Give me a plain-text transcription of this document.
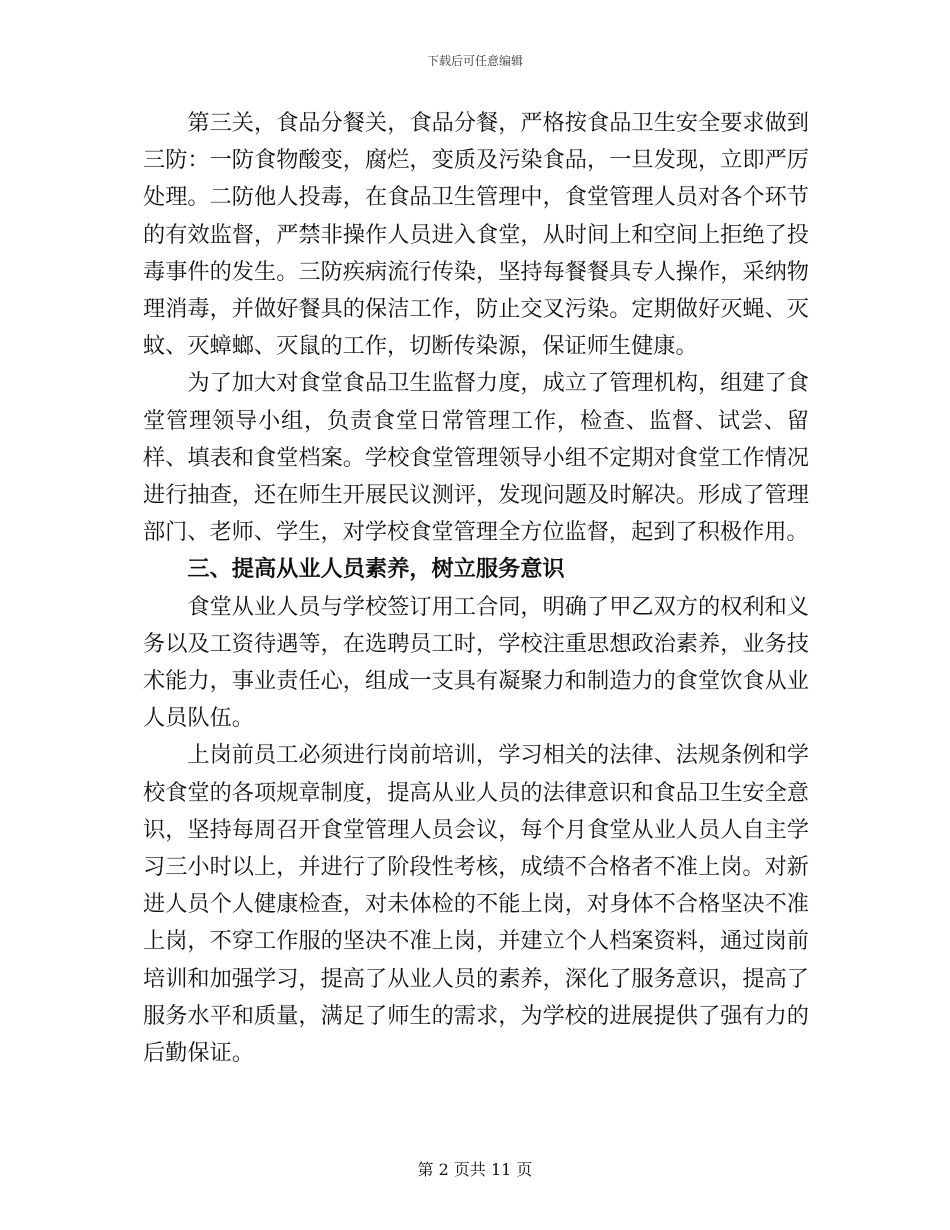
下载后可任意编辑

第三关，食品分餐关，食品分餐，严格按食品卫生安全要求做到三防：一防食物酸变，腐烂，变质及污染食品，一旦发现，立即严厉处理。二防他人投毒，在食品卫生管理中，食堂管理人员对各个环节的有效监督，严禁非操作人员进入食堂，从时间上和空间上拒绝了投毒事件的发生。三防疾病流行传染，坚持每餐餐具专人操作，采纳物理消毒，并做好餐具的保洁工作，防止交叉污染。定期做好灭蝇、灭蚊、灭蟑螂、灭鼠的工作，切断传染源，保证师生健康。

为了加大对食堂食品卫生监督力度，成立了管理机构，组建了食堂管理领导小组，负责食堂日常管理工作，检查、监督、试尝、留样、填表和食堂档案。学校食堂管理领导小组不定期对食堂工作情况进行抽查，还在师生开展民议测评，发现问题及时解决。形成了管理部门、老师、学生，对学校食堂管理全方位监督，起到了积极作用。

三、提高从业人员素养，树立服务意识

食堂从业人员与学校签订用工合同，明确了甲乙双方的权利和义务以及工资待遇等，在选聘员工时，学校注重思想政治素养，业务技术能力，事业责任心，组成一支具有凝聚力和制造力的食堂饮食从业人员队伍。

上岗前员工必须进行岗前培训，学习相关的法律、法规条例和学校食堂的各项规章制度，提高从业人员的法律意识和食品卫生安全意识，坚持每周召开食堂管理人员会议，每个月食堂从业人员人自主学习三小时以上，并进行了阶段性考核，成绩不合格者不准上岗。对新进人员个人健康检查，对未体检的不能上岗，对身体不合格坚决不准上岗，不穿工作服的坚决不准上岗，并建立个人档案资料，通过岗前培训和加强学习，提高了从业人员的素养，深化了服务意识，提高了服务水平和质量，满足了师生的需求，为学校的进展提供了强有力的后勤保证。

第 2 页共 11 页
